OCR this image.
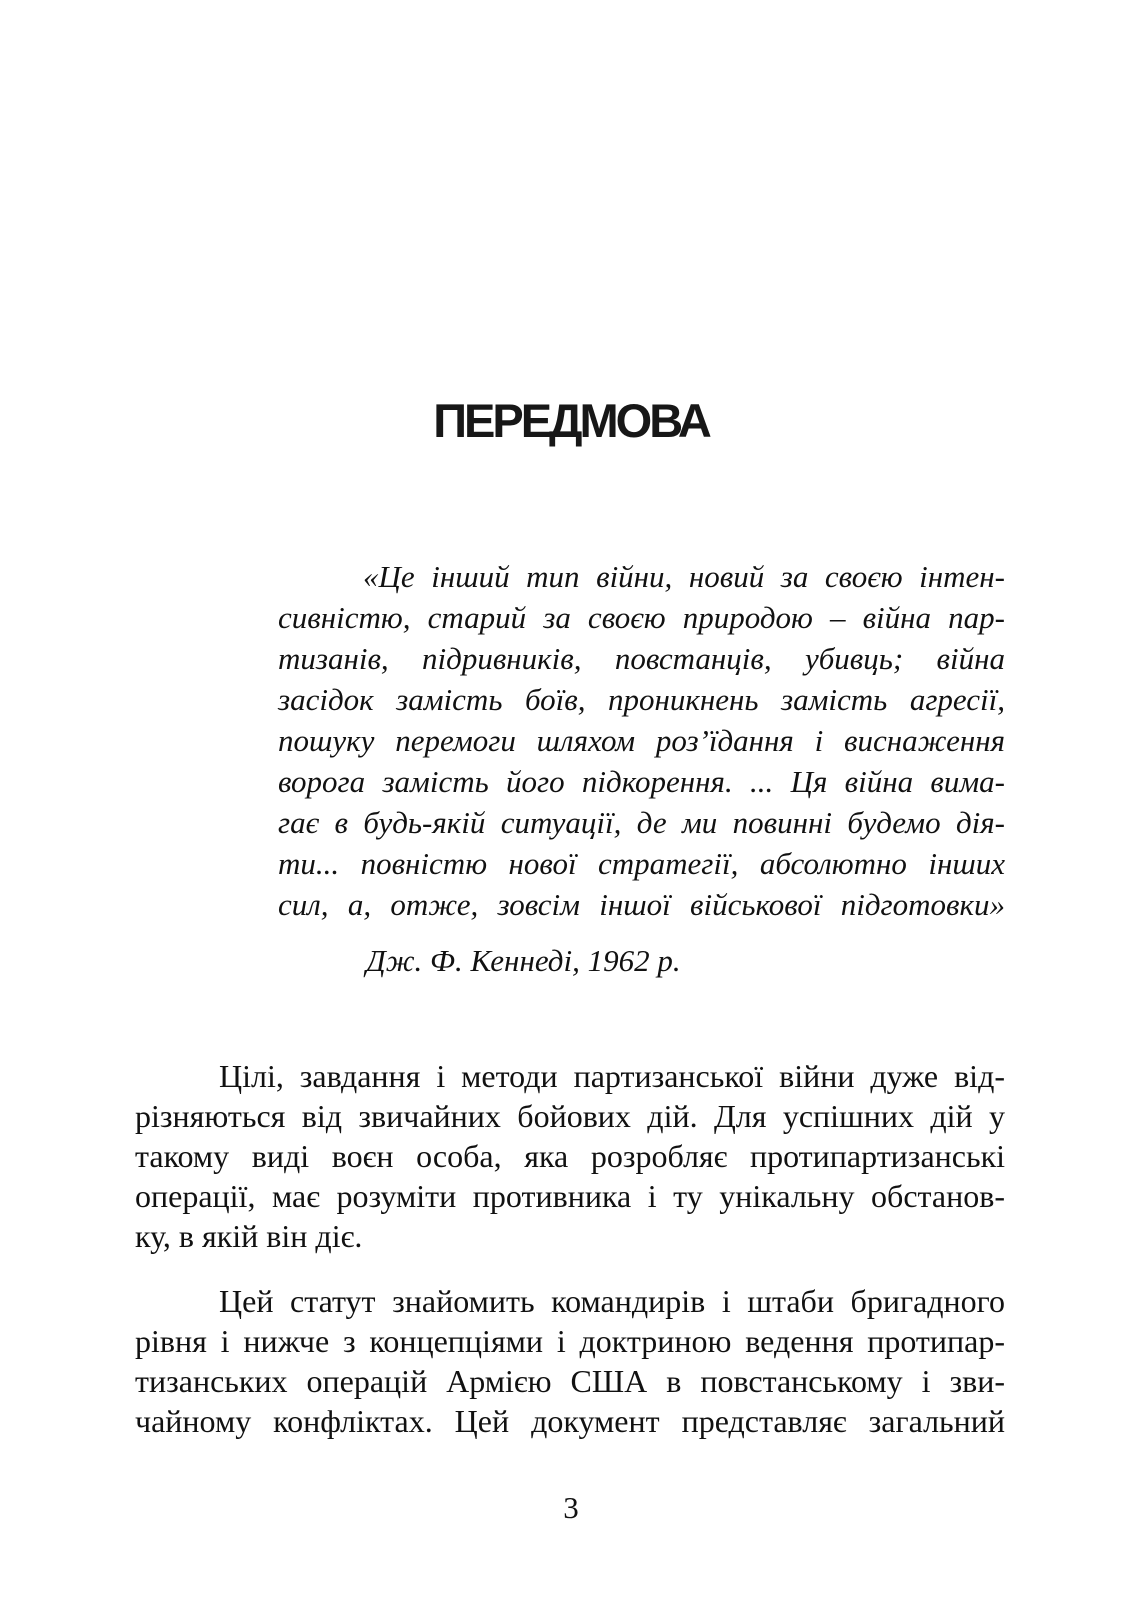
ПЕРЕДМОВА
«Це інший тип війни, новий за своєю інтен-
сивністю, старий за своєю природою – війна пар-
тизанів, підривників, повстанців, убивць; війна
засідок замість боїв, проникнень замість агресії,
пошуку перемоги шляхом роз’їдання і виснаження
ворога замість його підкорення. ... Ця війна вима-
гає в будь-якій ситуації, де ми повинні будемо дія-
ти... повністю нової стратегії, абсолютно інших
сил, а, отже, зовсім іншої військової підготовки»
Дж. Ф. Кеннеді, 1962 р.
Цілі, завдання і методи партизанської війни дуже від-
різняються від звичайних бойових дій. Для успішних дій у
такому виді воєн особа, яка розробляє протипартизанські
операції, має розуміти противника і ту унікальну обстанов-
ку, в якій він діє.
Цей статут знайомить командирів і штаби бригадного
рівня і нижче з концепціями і доктриною ведення протипар-
тизанських операцій Армією США в повстанському і зви-
чайному конфліктах. Цей документ представляє загальний
3
